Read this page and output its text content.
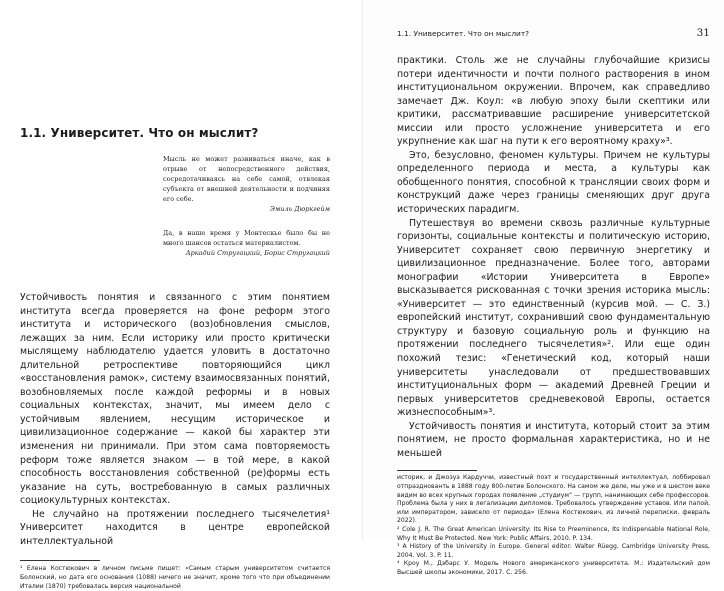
1.1. Университет. Что он мыслит?
Мысль не может развиваться иначе, как в отрыве от непосредственного действия, сосредотачиваясь на себе самой, отвлекая субъекта от внешней деятельности и подчиняя его себе.
Эмиль Дюркгейм
Да, в наше время у Монтескье было бы не много шансов остаться материалистом.
Аркадий Стругацкий, Борис Стругацкий

Устойчивость понятия и связанного с этим понятием института всегда проверяется на фоне реформ этого института и исторического (воз)обновления смыслов, лежащих за ним. Если историку или просто критически мыслящему наблюдателю удается уловить в достаточно длительной ретроспективе повторяющийся цикл «восстановления рамок», систему взаимосвязанных понятий, возобновляемых после каждой реформы и в новых социальных контекстах, значит, мы имеем дело с устойчивым явлением, несущим историческое и цивилизационное содержание — какой бы характер эти изменения ни принимали. При этом сама повторяемость реформ тоже является знаком — в той мере, в какой способность восстановления собственной (ре)формы есть указание на суть, востребованную в самых различных социокультурных контекстах.

Не случайно на протяжении последнего тысячелетия¹ Университет находится в центре европейской интеллектуальной

¹ Елена Костюкович в личном письме пишет: «Самым старым университетом считается Болонский, но дата его основания (1088) ничего не значит, кроме того что при объединении Италии (1870) требовалась версия национальной

1.1. Университет. Что он мыслит?	31

практики. Столь же не случайны глубочайшие кризисы потери идентичности и почти полного растворения в ином институциональном окружении. Впрочем, как справедливо замечает Дж. Коул: «в любую эпоху были скептики или критики, рассматривавшие расширение университетской миссии или просто усложнение университета и его укрупнение как шаг на пути к его вероятному краху»³.

Это, безусловно, феномен культуры. Причем не культуры определенного периода и места, а культуры как обобщенного понятия, способной к трансляции своих форм и конструкций даже через границы сменяющих друг друга исторических парадигм.

Путешествуя во времени сквозь различные культурные горизонты, социальные контексты и политическую историю, Университет сохраняет свою первичную энергетику и цивилизационное предназначение. Более того, авторами монографии «Истории Университета в Европе» высказывается рискованная с точки зрения историка мысль: «Университет — это единственный (курсив мой. — С. З.) европейский институт, сохранивший свою фундаментальную структуру и базовую социальную роль и функцию на протяжении последнего тысячелетия»². Или еще один похожий тезис: «Генетический код, который наши университеты унаследовали от предшествовавших институциональных форм — академий Древней Греции и первых университетов средневековой Европы, остается жизнеспособным»³.

Устойчивость понятия и института, который стоит за этим понятием, не просто формальная характеристика, но и не меньшей

историк, и Джозуэ Кардуччи, известный поэт и государственный интеллектуал, лоббировал отпразднованть в 1888 году 800-летие Болонского. На самом же деле, мы уже и в шестом веке видим во всех крупных городах появление „студиум“ — групп, нанимающих себе профессоров. Проблема была у них в легализации дипломов. Требовалось утверждение уставов. Или папой, или императором, зависело от периода» (Елена Костюкович, из личной переписки, февраль 2022).

² Cole J. R. The Great American University: Its Rise to Preeminence, Its Indispensable National Role, Why It Must Be Protected. New York: Public Affairs, 2010. P. 134.

³ A History of the University in Europe. General editor: Walter Rüegg. Cambridge University Press, 2004. Vol. 3. P. 11.

⁴ Кроу М., Дэбарс У. Модель Нового американского университета. М.: Издательский дом Высшей школы экономики, 2017. С. 256.
